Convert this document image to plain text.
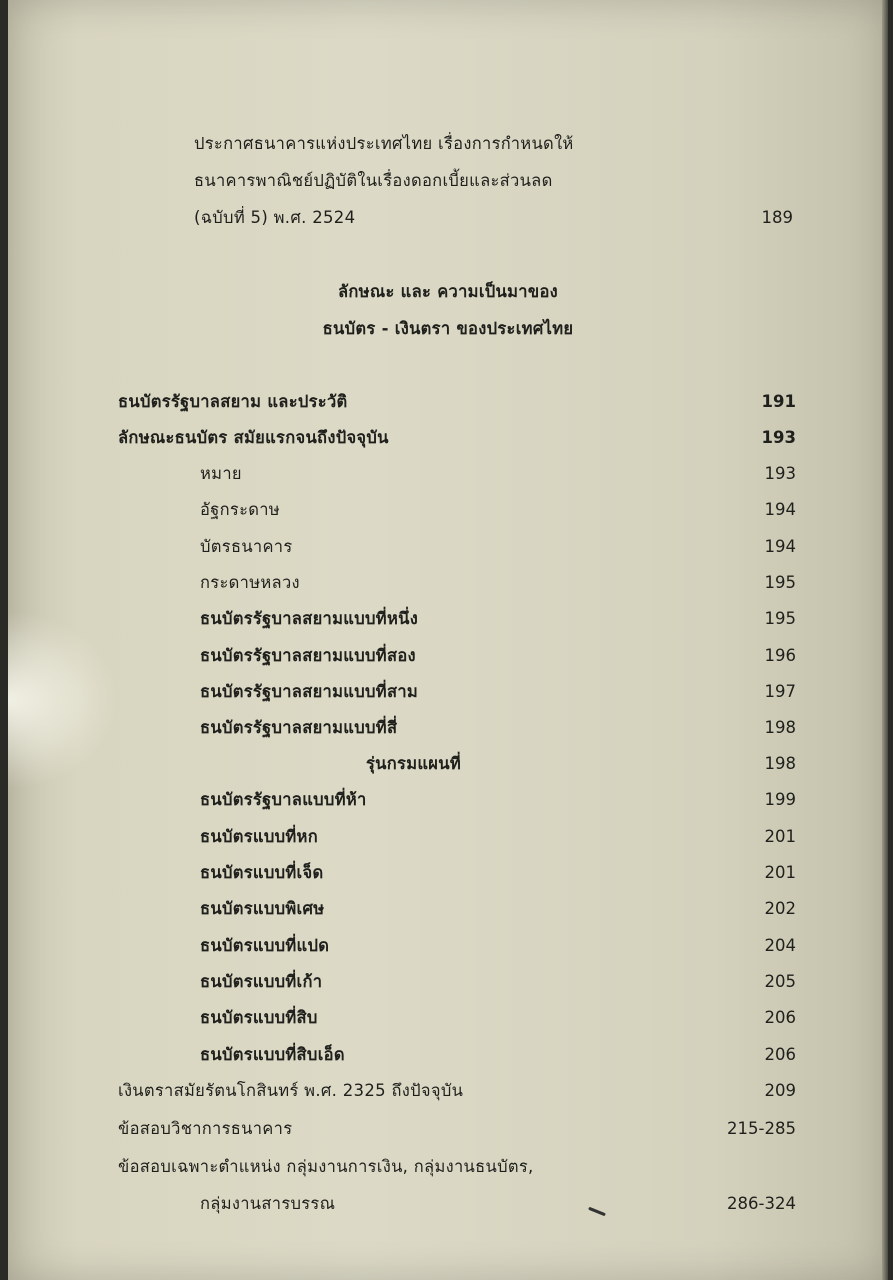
ประกาศธนาคารแห่งประเทศไทย เรื่องการกำหนดให้
ธนาคารพาณิชย์ปฏิบัติในเรื่องดอกเบี้ยและส่วนลด
(ฉบับที่ 5) พ.ศ. 2524	189
ลักษณะ และ ความเป็นมาของ
ธนบัตร - เงินตรา ของประเทศไทย
ธนบัตรรัฐบาลสยาม และประวัติ	191
ลักษณะธนบัตร สมัยแรกจนถึงปัจจุบัน	193
หมาย	193
อัฐกระดาษ	194
บัตรธนาคาร	194
กระดาษหลวง	195
ธนบัตรรัฐบาลสยามแบบที่หนึ่ง	195
ธนบัตรรัฐบาลสยามแบบที่สอง	196
ธนบัตรรัฐบาลสยามแบบที่สาม	197
ธนบัตรรัฐบาลสยามแบบที่สี่	198
รุ่นกรมแผนที่	198
ธนบัตรรัฐบาลแบบที่ห้า	199
ธนบัตรแบบที่หก	201
ธนบัตรแบบที่เจ็ด	201
ธนบัตรแบบพิเศษ	202
ธนบัตรแบบที่แปด	204
ธนบัตรแบบที่เก้า	205
ธนบัตรแบบที่สิบ	206
ธนบัตรแบบที่สิบเอ็ด	206
เงินตราสมัยรัตนโกสินทร์ พ.ศ. 2325 ถึงปัจจุบัน	209
ข้อสอบวิชาการธนาคาร	215-285
ข้อสอบเฉพาะตำแหน่ง กลุ่มงานการเงิน, กลุ่มงานธนบัตร,
กลุ่มงานสารบรรณ	286-324
